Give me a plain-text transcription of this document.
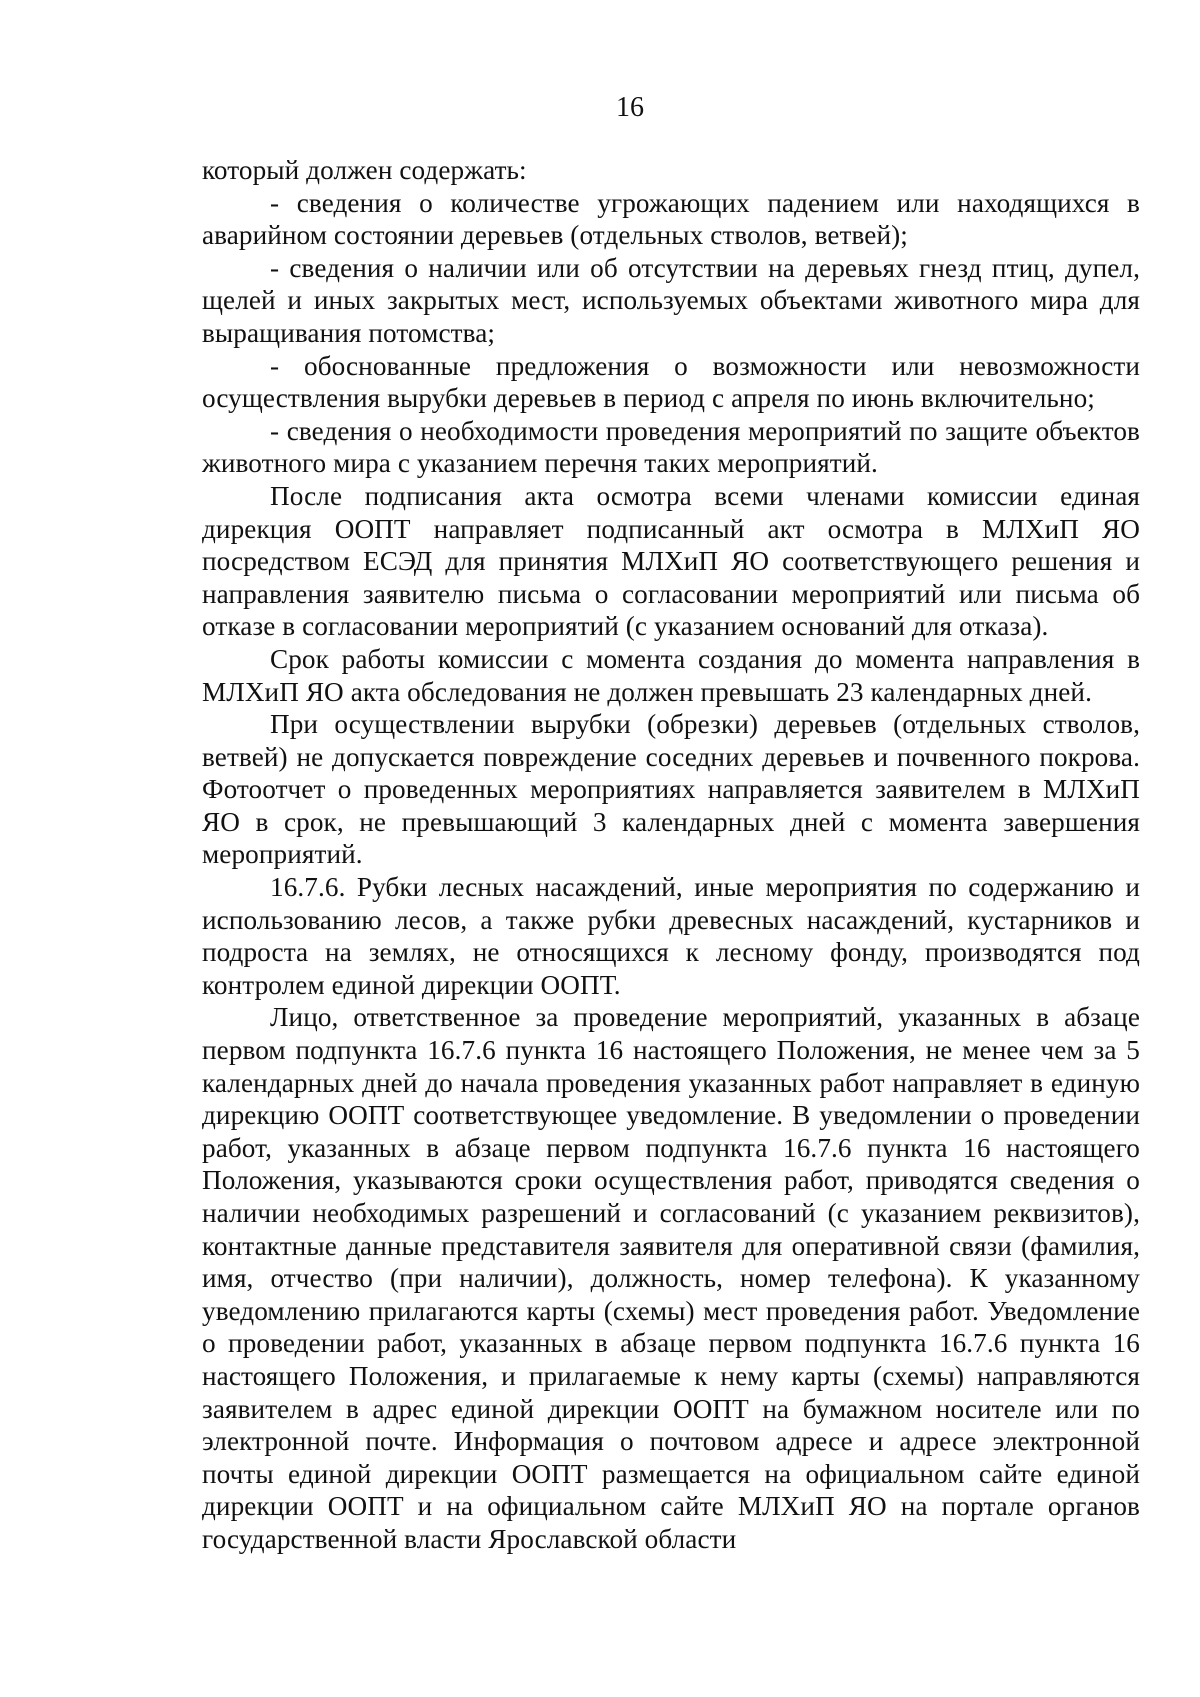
16

который должен содержать:

- сведения о количестве угрожающих падением или находящихся в аварийном состоянии деревьев (отдельных стволов, ветвей);

- сведения о наличии или об отсутствии на деревьях гнезд птиц, дупел, щелей и иных закрытых мест, используемых объектами животного мира для выращивания потомства;

- обоснованные предложения о возможности или невозможности осуществления вырубки деревьев в период с апреля по июнь включительно;

- сведения о необходимости проведения мероприятий по защите объектов животного мира с указанием перечня таких мероприятий.

После подписания акта осмотра всеми членами комиссии единая дирекция ООПТ направляет подписанный акт осмотра в МЛХиП ЯО посредством ЕСЭД для принятия МЛХиП ЯО соответствующего решения и направления заявителю письма о согласовании мероприятий или письма об отказе в согласовании мероприятий (с указанием оснований для отказа).

Срок работы комиссии с момента создания до момента направления в МЛХиП ЯО акта обследования не должен превышать 23 календарных дней.

При осуществлении вырубки (обрезки) деревьев (отдельных стволов, ветвей) не допускается повреждение соседних деревьев и почвенного покрова. Фотоотчет о проведенных мероприятиях направляется заявителем в МЛХиП ЯО в срок, не превышающий 3 календарных дней с момента завершения мероприятий.

16.7.6. Рубки лесных насаждений, иные мероприятия по содержанию и использованию лесов, а также рубки древесных насаждений, кустарников и подроста на землях, не относящихся к лесному фонду, производятся под контролем единой дирекции ООПТ.

Лицо, ответственное за проведение мероприятий, указанных в абзаце первом подпункта 16.7.6 пункта 16 настоящего Положения, не менее чем за 5 календарных дней до начала проведения указанных работ направляет в единую дирекцию ООПТ соответствующее уведомление. В уведомлении о проведении работ, указанных в абзаце первом подпункта 16.7.6 пункта 16 настоящего Положения, указываются сроки осуществления работ, приводятся сведения о наличии необходимых разрешений и согласований (с указанием реквизитов), контактные данные представителя заявителя для оперативной связи (фамилия, имя, отчество (при наличии), должность, номер телефона). К указанному уведомлению прилагаются карты (схемы) мест проведения работ. Уведомление о проведении работ, указанных в абзаце первом подпункта 16.7.6 пункта 16 настоящего Положения, и прилагаемые к нему карты (схемы) направляются заявителем в адрес единой дирекции ООПТ на бумажном носителе или по электронной почте. Информация о почтовом адресе и адресе электронной почты единой дирекции ООПТ размещается на официальном сайте единой дирекции ООПТ и на официальном сайте МЛХиП ЯО на портале органов государственной власти Ярославской области
